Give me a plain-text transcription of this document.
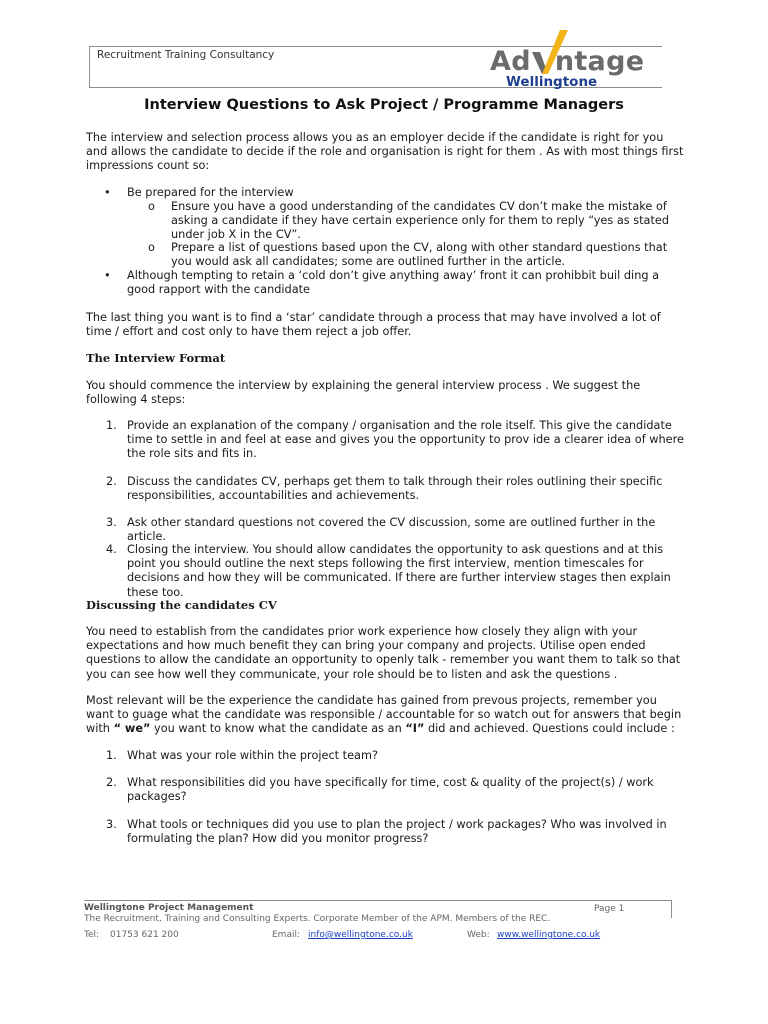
Recruitment Training Consultancy	Ad ntage
Wellingtone
Interview Questions to Ask Project / Programme Managers
The interview and selection process allows you as an employer decide if the candidate is right for you and allows the candidate to decide if the role and organisation is right for them . As with most things first impressions count so:
• Be prepared for the interview
o Ensure you have a good understanding of the candidates CV don’t make the mistake of asking a candidate if they have certain experience only for them to reply “yes as stated under job X in the CV”.
o Prepare a list of questions based upon the CV, along with other standard questions that you would ask all candidates; some are outlined further in the article.
• Although tempting to retain a ‘cold don’t give anything away’ front it can prohibbit buil ding a good rapport with the candidate
The last thing you want is to find a ‘star’ candidate through a process that may have involved a lot of time / effort and cost only to have them reject a job offer.
The Interview Format
You should commence the interview by explaining the general interview process . We suggest the following 4 steps:
1. Provide an explanation of the company / organisation and the role itself. This give the candidate time to settle in and feel at ease and gives you the opportunity to prov ide a clearer idea of where the role sits and fits in.
2. Discuss the candidates CV, perhaps get them to talk through their roles outlining their specific responsibilities, accountabilities and achievements.
3. Ask other standard questions not covered the CV discussion, some are outlined further in the article.
4. Closing the interview. You should allow candidates the opportunity to ask questions and at this point you should outline the next steps following the first interview, mention timescales for decisions and how they will be communicated. If there are further interview stages then explain these too.
Discussing the candidates CV
You need to establish from the candidates prior work experience how closely they align with your expectations and how much benefit they can bring your company and projects. Utilise open ended questions to allow the candidate an opportunity to openly talk - remember you want them to talk so that you can see how well they communicate, your role should be to listen and ask the questions .
Most relevant will be the experience the candidate has gained from prevous projects, remember you want to guage what the candidate was responsible / accountable for so watch out for answers that begin with “ we” you want to know what the candidate as an “I” did and achieved. Questions could include :
1. What was your role within the project team?
2. What responsibilities did you have specifically for time, cost & quality of the project(s) / work packages?
3. What tools or techniques did you use to plan the project / work packages? Who was involved in formulating the plan? How did you monitor progress?
Wellingtone Project Management	Page 1
The Recruitment, Training and Consulting Experts. Corporate Member of the APM. Members of the REC.
Tel: 01753 621 200	Email: info@wellingtone.co.uk	Web: www.wellingtone.co.uk
